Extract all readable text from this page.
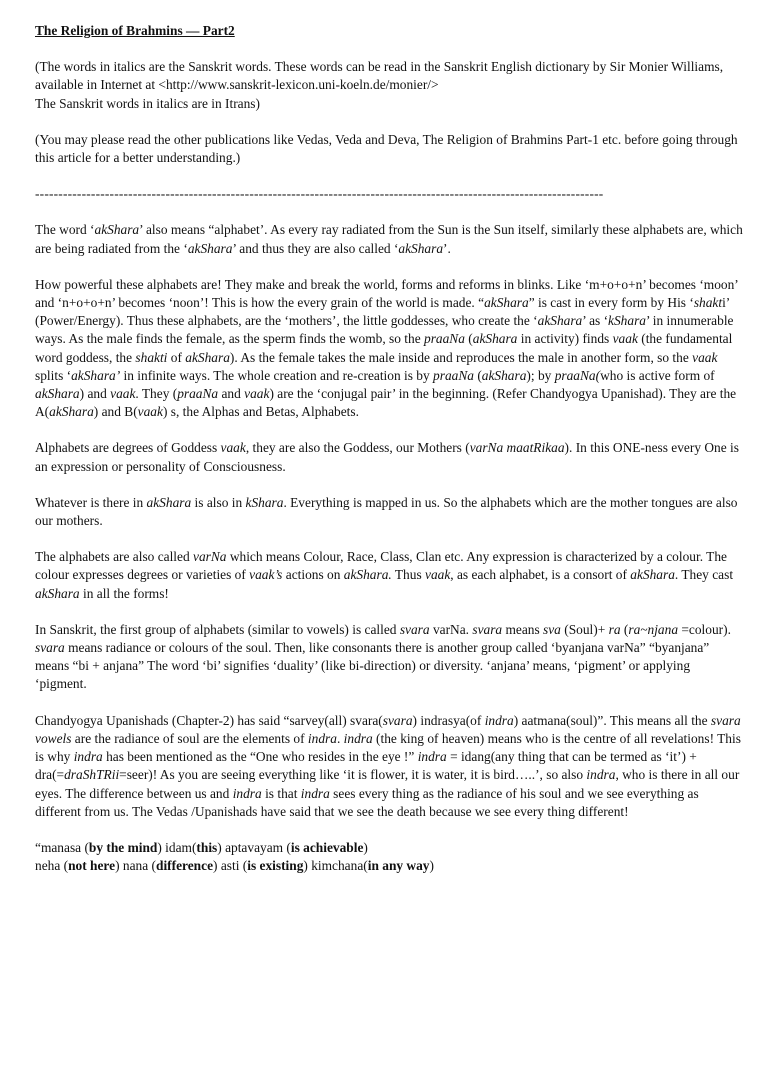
The Religion of Brahmins — Part2

(The words in italics are the Sanskrit words. These words can be read in the Sanskrit English dictionary by Sir Monier Williams, available in Internet at <http://www.sanskrit-lexicon.uni-koeln.de/monier/>
The Sanskrit words in italics are in Itrans)

(You may please read the other publications like Vedas, Veda and Deva, The Religion of Brahmins Part-1 etc. before going through this article for a better understanding.)

--------------------------------------------------------------------------------------------------------------------------

The word ‘akShara’ also means “alphabet’. As every ray radiated from the Sun is the Sun itself, similarly these alphabets are, which are being radiated from the ‘akShara’ and thus they are also called ‘akShara’.

How powerful these alphabets are! They make and break the world, forms and reforms in blinks. Like ‘m+o+o+n’ becomes ‘moon’ and ‘n+o+o+n’ becomes ‘noon’! This is how the every grain of the world is made. “akShara” is cast in every form by His ‘shakti’ (Power/Energy). Thus these alphabets, are the ‘mothers’, the little goddesses, who create the ‘akShara’ as ‘kShara’ in innumerable ways. As the male finds the female, as the sperm finds the womb, so the praaNa (akShara in activity) finds vaak (the fundamental word goddess, the shakti of akShara). As the female takes the male inside and reproduces the male in another form, so the vaak splits ‘akShara’ in infinite ways. The whole creation and re-creation is by praaNa (akShara); by praaNa(who is active form of akShara) and vaak. They (praaNa and vaak) are the ‘conjugal pair’ in the beginning. (Refer Chandyogya Upanishad). They are the A(akShara) and B(vaak) s, the Alphas and Betas, Alphabets.

Alphabets are degrees of Goddess vaak, they are also the Goddess, our Mothers (varNa maatRikaa). In this ONE-ness every One is an expression or personality of Consciousness.

Whatever is there in akShara is also in kShara. Everything is mapped in us. So the alphabets which are the mother tongues are also our mothers.

The alphabets are also called varNa which means Colour, Race, Class, Clan etc. Any expression is characterized by a colour. The colour expresses degrees or varieties of vaak’s actions on akShara. Thus vaak, as each alphabet, is a consort of akShara. They cast akShara in all the forms!

In Sanskrit, the first group of alphabets (similar to vowels) is called svara varNa. svara means sva (Soul)+ ra (ra~njana =colour). svara means radiance or colours of the soul. Then, like consonants there is another group called ‘byanjana varNa” “byanjana” means “bi + anjana” The word ‘bi’ signifies ‘duality’ (like bi-direction) or diversity. ‘anjana’ means, ‘pigment’ or applying ‘pigment.

Chandyogya Upanishads (Chapter-2) has said “sarvey(all) svara(svara) indrasya(of indra) aatmana(soul)”. This means all the svara vowels are the radiance of soul are the elements of indra. indra (the king of heaven) means who is the centre of all revelations! This is why indra has been mentioned as the “One who resides in the eye !” indra = idang(any thing that can be termed as ‘it’) + dra(=draShTRii=seer)! As you are seeing everything like ‘it is flower, it is water, it is bird…..’, so also indra, who is there in all our eyes. The difference between us and indra is that indra sees every thing as the radiance of his soul and we see everything as different from us. The Vedas /Upanishads have said that we see the death because we see every thing different!

“manasa (by the mind) idam(this) aptavayam (is achievable)
neha (not here) nana (difference) asti (is existing) kimchana(in any way)
